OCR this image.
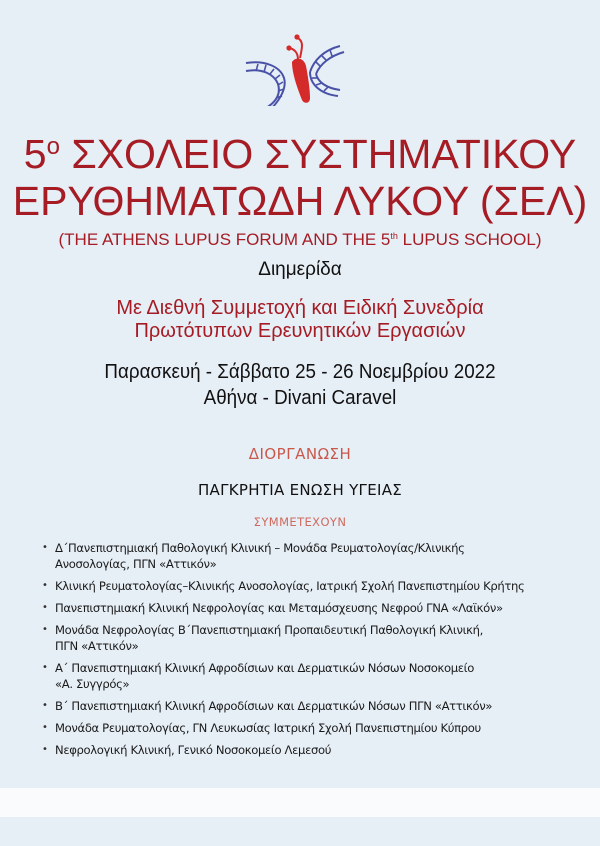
$5^o$ ΣΧΟΛΕΙΟ ΣΥΣΤΗΜΑΤΙΚΟΥ
ΕΡΥΘΗΜΑΤΩΔΗ ΛΥΚΟΥ (ΣΕΛ)
(THE ATHENS LUPUS FORUM AND THE 5th LUPUS SCHOOL)
Διημερίδα
Με Διεθνή Συμμετοχή και Ειδική Συνεδρία
Πρωτότυπων Ερευνητικών Εργασιών
Παρασκευή - Σάββατο 25 - 26 Νοεμβρίου 2022
Αθήνα - Divani Caravel
ΔΙΟΡΓΑΝΩΣΗ
ΠΑΓΚΡΗΤΙΑ ΕΝΩΣΗ ΥΓΕΙΑΣ
ΣΥΜΜΕΤΕΧΟΥΝ
• Δ΄Πανεπιστημιακή Παθολογική Κλινική – Μονάδα Ρευματολογίας/Κλινικής
Ανοσολογίας, ΠΓΝ «Αττικόν»
• Κλινική Ρευματολογίας–Κλινικής Ανοσολογίας, Ιατρική Σχολή Πανεπιστημίου Κρήτης
• Πανεπιστημιακή Κλινική Νεφρολογίας και Μεταμόσχευσης Νεφρού ΓΝΑ «Λαϊκόν»
• Μονάδα Νεφρολογίας Β΄Πανεπιστημιακή Προπαιδευτική Παθολογική Κλινική,
ΠΓΝ «Αττικόν»
• Α΄ Πανεπιστημιακή Κλινική Αφροδίσιων και Δερματικών Νόσων Νοσοκομείο
«Α. Συγγρός»
• Β΄ Πανεπιστημιακή Κλινική Αφροδίσιων και Δερματικών Νόσων ΠΓΝ «Αττικόν»
• Μονάδα Ρευματολογίας, ΓΝ Λευκωσίας Ιατρική Σχολή Πανεπιστημίου Κύπρου
• Νεφρολογική Κλινική, Γενικό Νοσοκομείο Λεμεσού
